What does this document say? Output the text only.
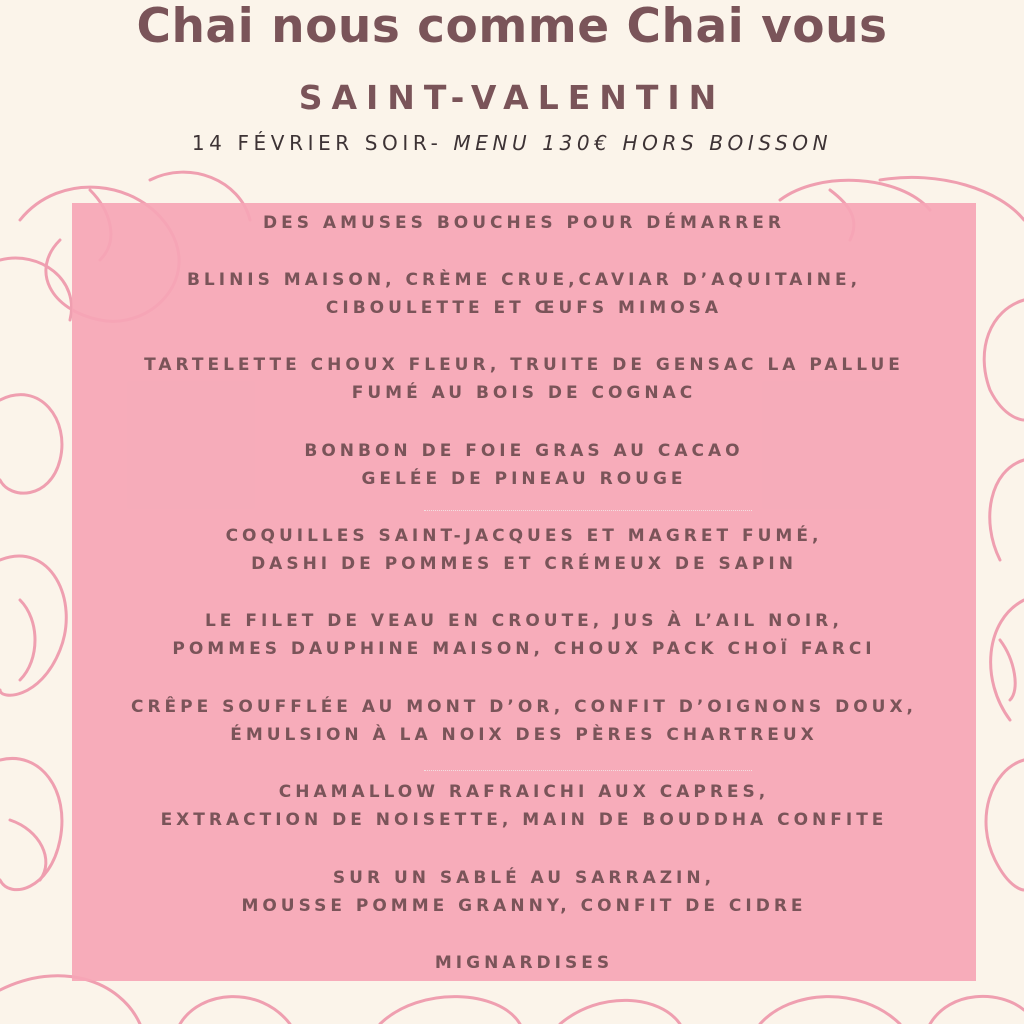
Chai nous comme Chai vous
SAINT-VALENTIN
14 FÉVRIER SOIR- MENU 130€ HORS BOISSON
DES AMUSES BOUCHES POUR DÉMARRER
BLINIS MAISON, CRÈME CRUE,CAVIAR D’AQUITAINE,
CIBOULETTE ET ŒUFS MIMOSA
TARTELETTE CHOUX FLEUR, TRUITE DE GENSAC LA PALLUE
FUMÉ AU BOIS DE COGNAC
BONBON DE FOIE GRAS AU CACAO
GELÉE DE PINEAU ROUGE
COQUILLES SAINT-JACQUES ET MAGRET FUMÉ,
DASHI DE POMMES ET CRÉMEUX DE SAPIN
LE FILET DE VEAU EN CROUTE, JUS À L’AIL NOIR,
POMMES DAUPHINE MAISON, CHOUX PACK CHOÏ FARCI
CRÊPE SOUFFLÉE AU MONT D’OR, CONFIT D’OIGNONS DOUX,
ÉMULSION À LA NOIX DES PÈRES CHARTREUX
CHAMALLOW RAFRAICHI AUX CAPRES,
EXTRACTION DE NOISETTE, MAIN DE BOUDDHA CONFITE
SUR UN SABLÉ AU SARRAZIN,
MOUSSE POMME GRANNY, CONFIT DE CIDRE
MIGNARDISES
